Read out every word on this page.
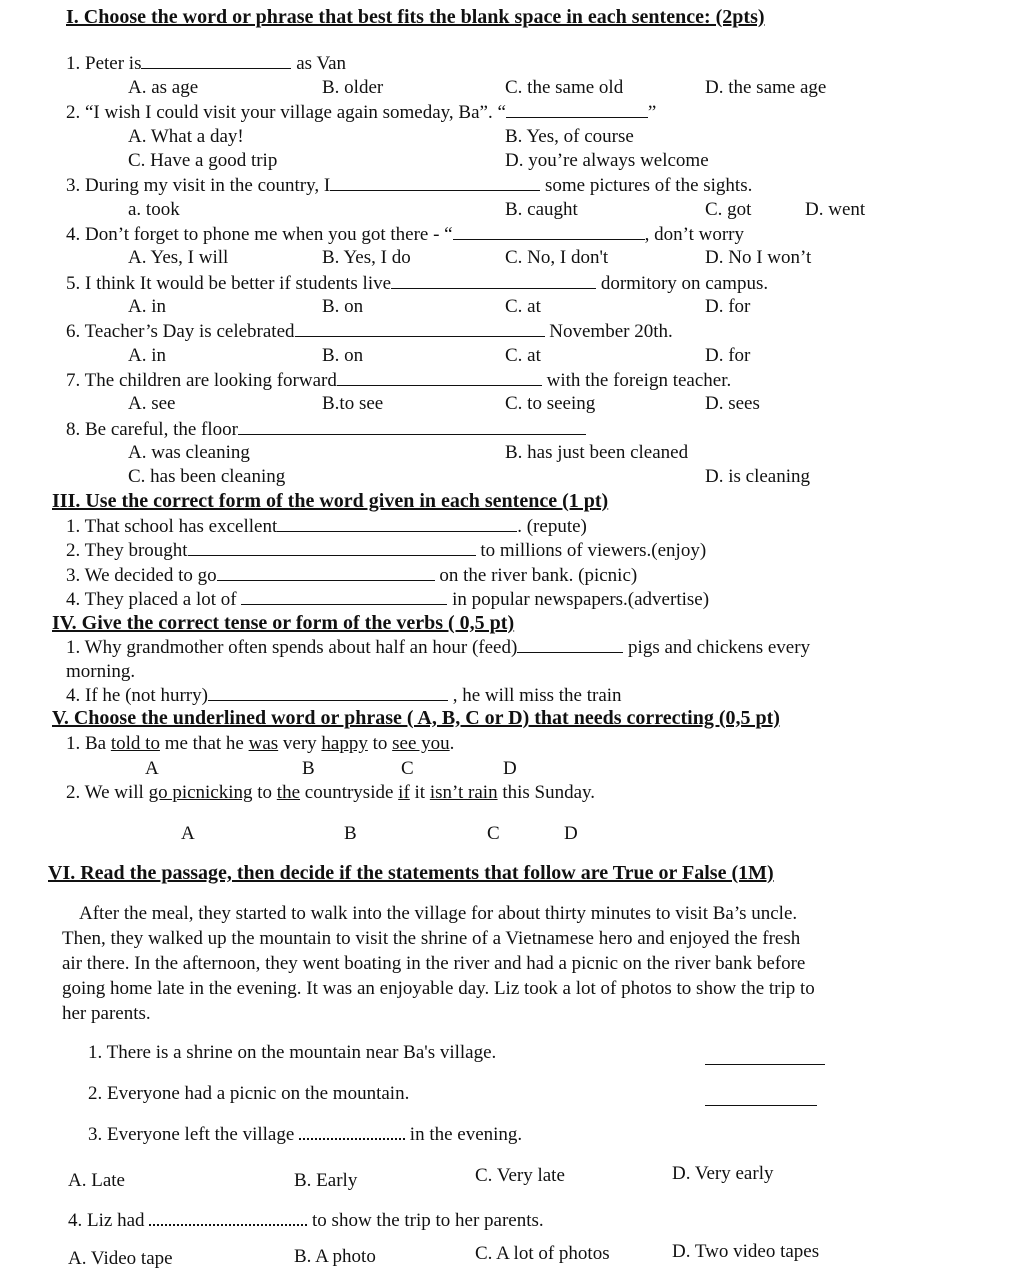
I. Choose the word or phrase that best fits the blank space in each sentence: (2pts)
1. Peter is	as Van
A. as age	B. older	C. the same old	D. the same age
2. “I wish I could visit your village again someday, Ba”. “	”
A. What a day!	B. Yes, of course
C. Have a good trip	D. you’re always welcome
3. During my visit in the country, I	some pictures of the sights.
a. took	B. caught	C. got	D. went
4. Don’t forget to phone me when you got there - “	, don’t worry
A. Yes, I will	B. Yes, I do	C. No, I don't	D. No I won’t
5. I think It would be better if students live	dormitory on campus.
A. in	B. on	C. at	D. for
6. Teacher’s Day is celebrated	November 20th.
A. in	B. on	C. at	D. for
7. The children are looking forward	with the foreign teacher.
A. see	B.to see	C. to seeing	D. sees
8. Be careful, the floor
A. was cleaning	B. has just been cleaned
C. has been cleaning	D. is cleaning
III. Use the correct form of the word given in each sentence (1 pt)
1. That school has excellent	. (repute)
2. They brought	to millions of viewers.(enjoy)
3. We decided to go	on the river bank. (picnic)
4. They placed a lot of	in popular newspapers.(advertise)
IV. Give the correct tense or form of the verbs ( 0,5 pt)
1. Why grandmother often spends about half an hour (feed)	pigs and chickens every
morning.
4. If he (not hurry)	, he will miss the train
V. Choose the underlined word or phrase ( A, B, C or D) that needs correcting (0,5 pt)
1. Ba told to me that he was very happy to see you.
A	B	C	D
2. We will go picnicking to the countryside if it isn’t rain this Sunday.
A	B	C	D
VI. Read the passage, then decide if the statements that follow are True or False (1M)
After the meal, they started to walk into the village for about thirty minutes to visit Ba’s uncle.
Then, they walked up the mountain to visit the shrine of a Vietnamese hero and enjoyed the fresh
air there. In the afternoon, they went boating in the river and had a picnic on the river bank before
going home late in the evening. It was an enjoyable day. Liz took a lot of photos to show the trip to
her parents.
1. There is a shrine on the mountain near Ba's village.
2. Everyone had a picnic on the mountain.
3. Everyone left the village	in the evening.
A. Late	B. Early	C. Very late	D. Very early
4. Liz had	to show the trip to her parents.
A. Video tape	B. A photo	C. A lot of photos	D. Two video tapes
